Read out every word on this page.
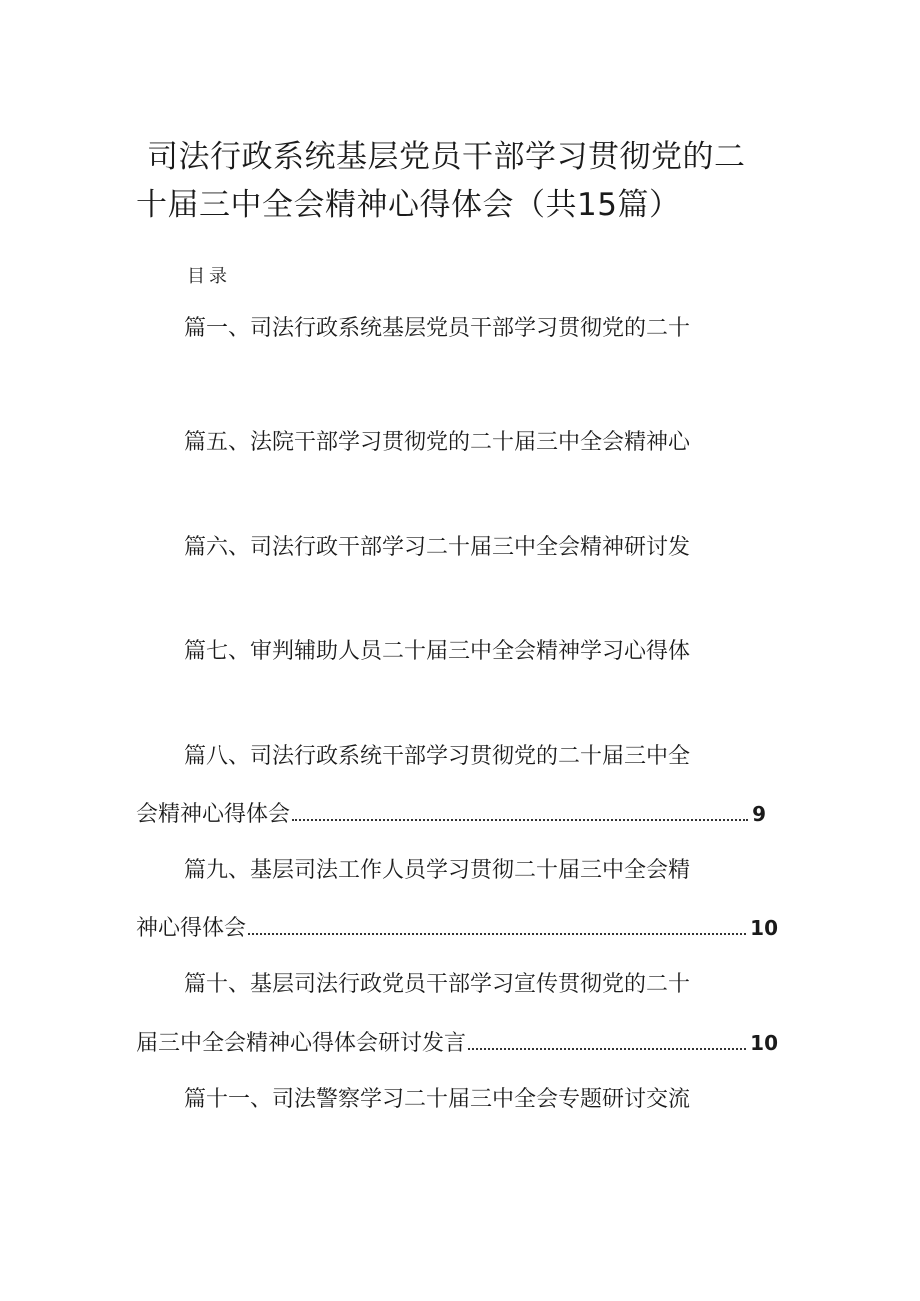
司法行政系统基层党员干部学习贯彻党的二
十届三中全会精神心得体会（共15篇）
目录
篇一、司法行政系统基层党员干部学习贯彻党的二十
篇五、法院干部学习贯彻党的二十届三中全会精神心
篇六、司法行政干部学习二十届三中全会精神研讨发
篇七、审判辅助人员二十届三中全会精神学习心得体
篇八、司法行政系统干部学习贯彻党的二十届三中全
会精神心得体会	9
篇九、基层司法工作人员学习贯彻二十届三中全会精
神心得体会	10
篇十、基层司法行政党员干部学习宣传贯彻党的二十
届三中全会精神心得体会研讨发言	10
篇十一、司法警察学习二十届三中全会专题研讨交流
